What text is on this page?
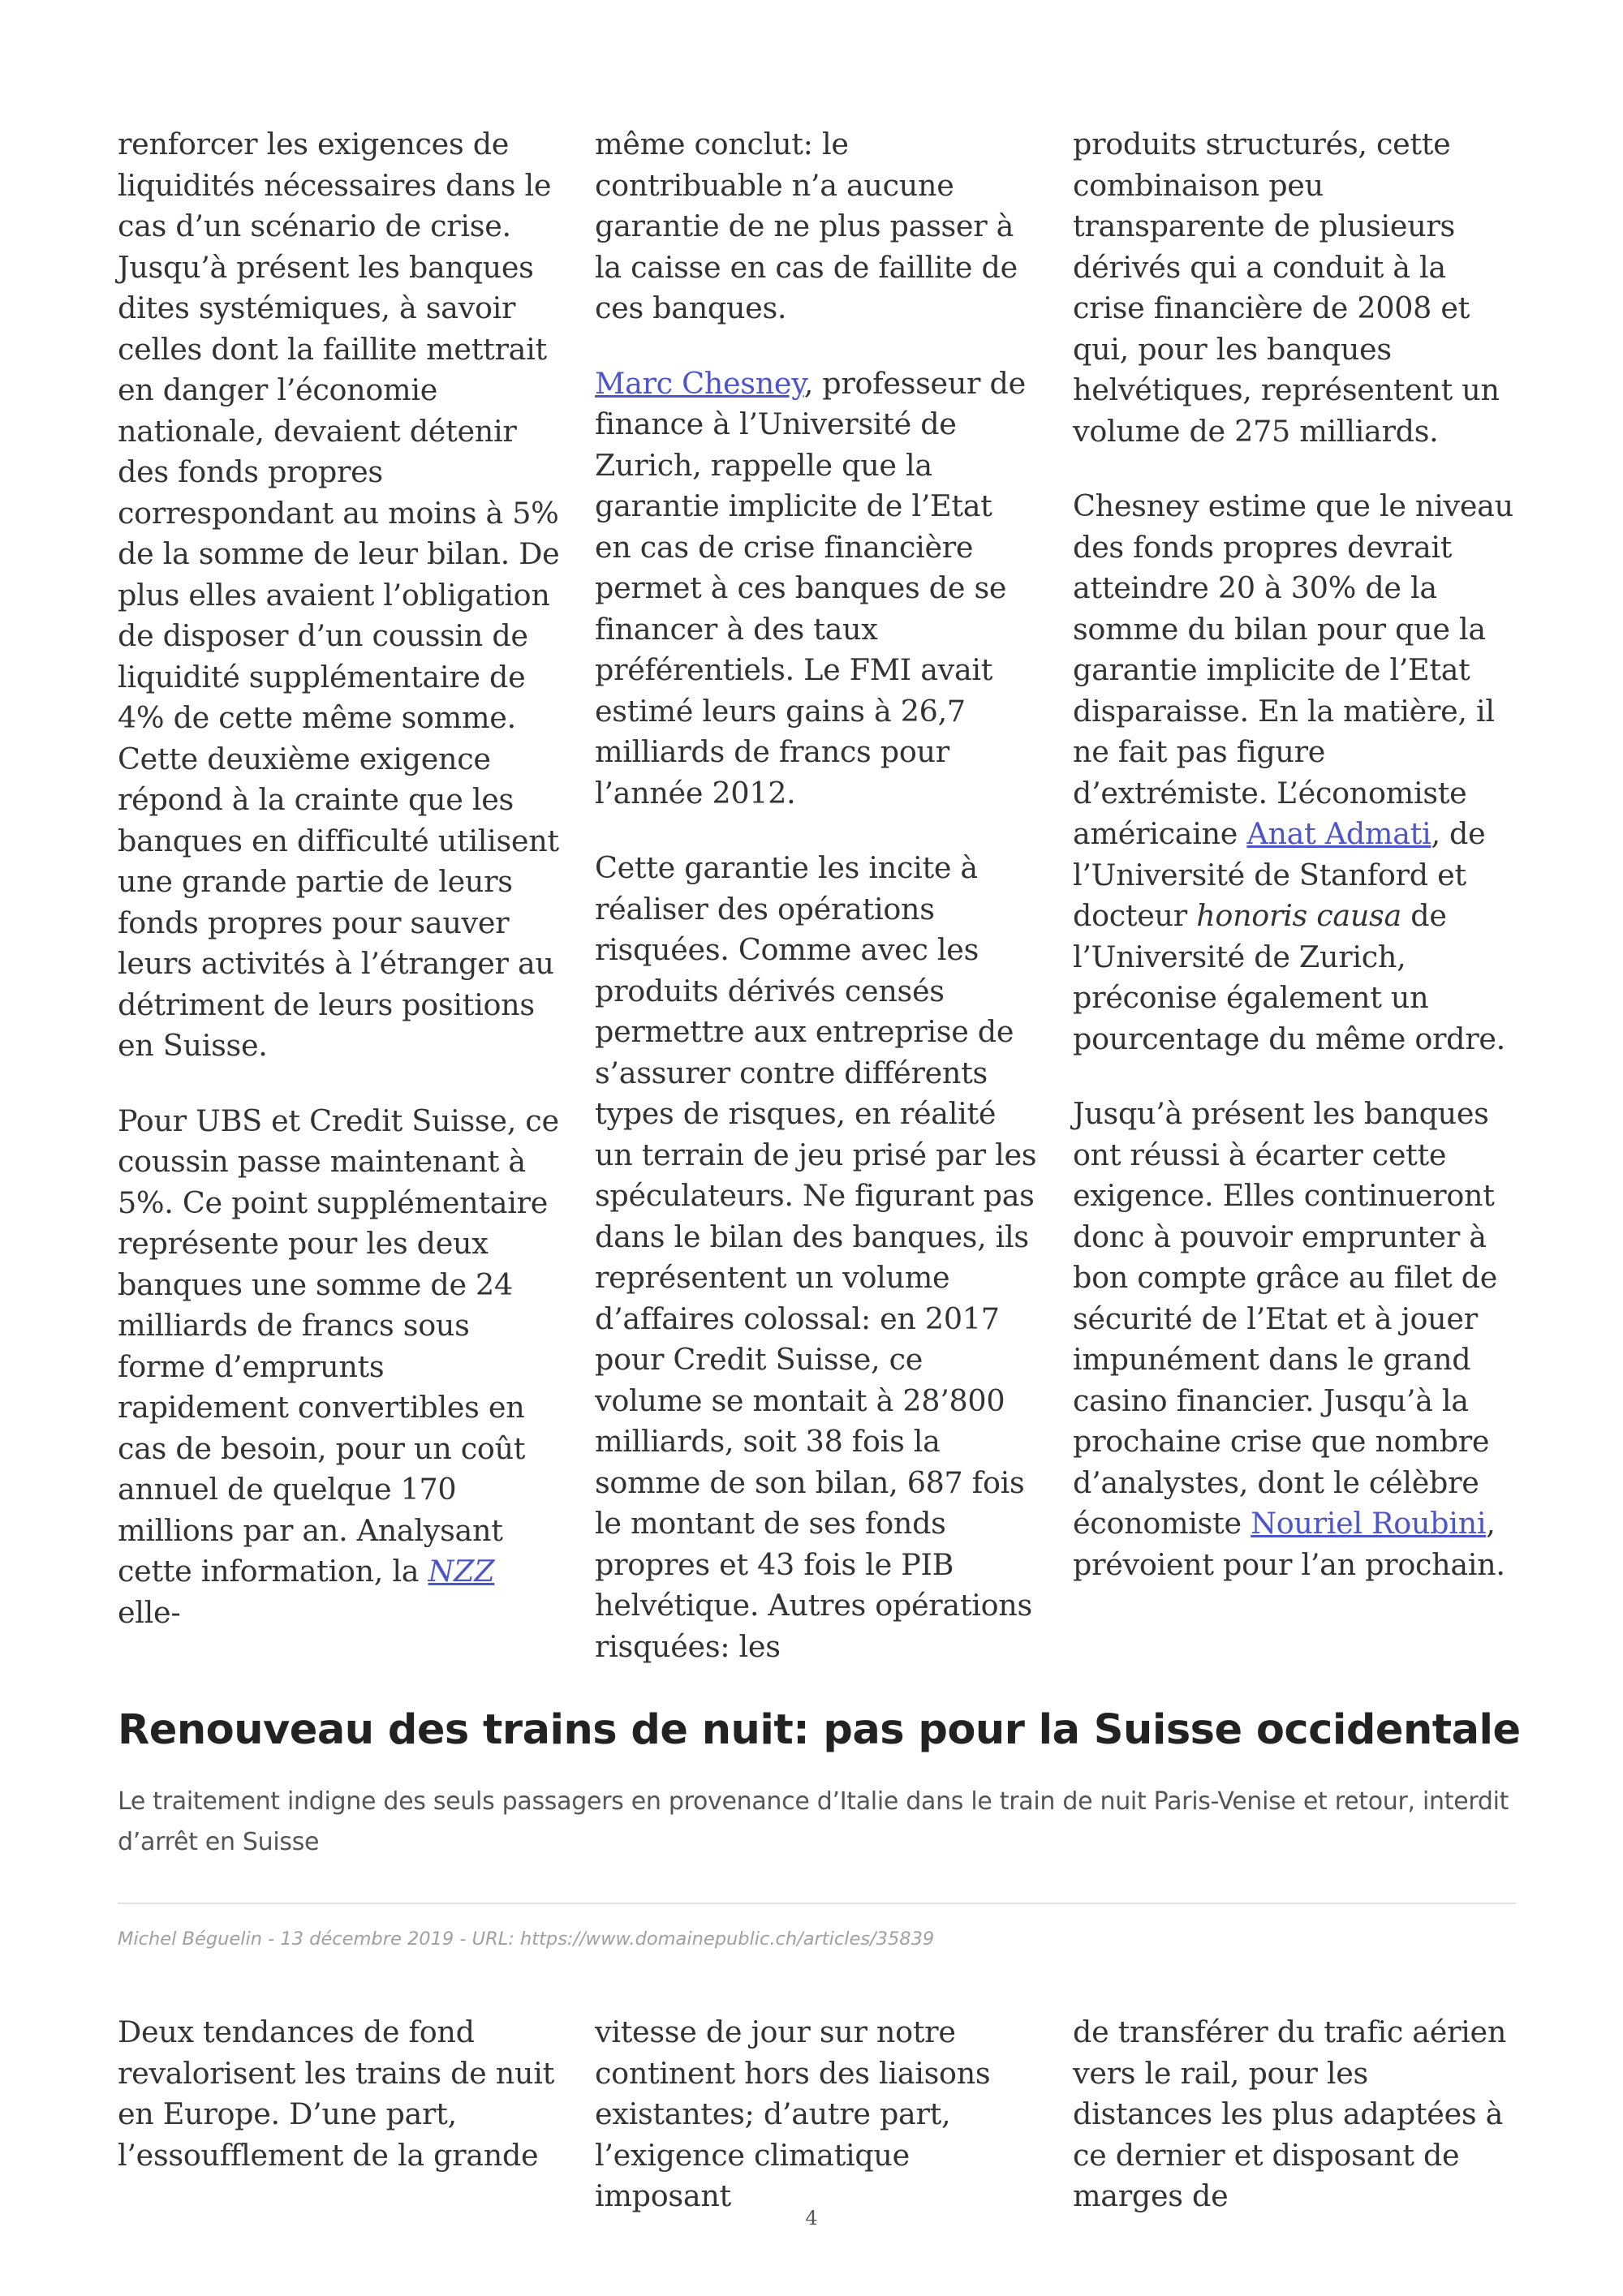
renforcer les exigences de liquidités nécessaires dans le cas d’un scénario de crise. Jusqu’à présent les banques dites systémiques, à savoir celles dont la faillite mettrait en danger l’économie nationale, devaient détenir des fonds propres correspondant au moins à 5% de la somme de leur bilan. De plus elles avaient l’obligation de disposer d’un coussin de liquidité supplémentaire de 4% de cette même somme. Cette deuxième exigence répond à la crainte que les banques en difficulté utilisent une grande partie de leurs fonds propres pour sauver leurs activités à l’étranger au détriment de leurs positions en Suisse.

Pour UBS et Credit Suisse, ce coussin passe maintenant à 5%. Ce point supplémentaire représente pour les deux banques une somme de 24 milliards de francs sous forme d’emprunts rapidement convertibles en cas de besoin, pour un coût annuel de quelque 170 millions par an. Analysant cette information, la NZZ elle-

même conclut: le contribuable n’a aucune garantie de ne plus passer à la caisse en cas de faillite de ces banques.

Marc Chesney, professeur de finance à l’Université de Zurich, rappelle que la garantie implicite de l’Etat en cas de crise financière permet à ces banques de se financer à des taux préférentiels. Le FMI avait estimé leurs gains à 26,7 milliards de francs pour l’année 2012.

Cette garantie les incite à réaliser des opérations risquées. Comme avec les produits dérivés censés permettre aux entreprise de s’assurer contre différents types de risques, en réalité un terrain de jeu prisé par les spéculateurs. Ne figurant pas dans le bilan des banques, ils représentent un volume d’affaires colossal: en 2017 pour Credit Suisse, ce volume se montait à 28’800 milliards, soit 38 fois la somme de son bilan, 687 fois le montant de ses fonds propres et 43 fois le PIB helvétique. Autres opérations risquées: les

produits structurés, cette combinaison peu transparente de plusieurs dérivés qui a conduit à la crise financière de 2008 et qui, pour les banques helvétiques, représentent un volume de 275 milliards.

Chesney estime que le niveau des fonds propres devrait atteindre 20 à 30% de la somme du bilan pour que la garantie implicite de l’Etat disparaisse. En la matière, il ne fait pas figure d’extrémiste. L’économiste américaine Anat Admati, de l’Université de Stanford et docteur honoris causa de l’Université de Zurich, préconise également un pourcentage du même ordre.

Jusqu’à présent les banques ont réussi à écarter cette exigence. Elles continueront donc à pouvoir emprunter à bon compte grâce au filet de sécurité de l’Etat et à jouer impunément dans le grand casino financier. Jusqu’à la prochaine crise que nombre d’analystes, dont le célèbre économiste Nouriel Roubini, prévoient pour l’an prochain.

Renouveau des trains de nuit: pas pour la Suisse occidentale
Le traitement indigne des seuls passagers en provenance d’Italie dans le train de nuit Paris-Venise et retour, interdit d’arrêt en Suisse
Michel Béguelin - 13 décembre 2019 - URL: https://www.domainepublic.ch/articles/35839

Deux tendances de fond revalorisent les trains de nuit en Europe. D’une part, l’essoufflement de la grande

vitesse de jour sur notre continent hors des liaisons existantes; d’autre part, l’exigence climatique imposant

de transférer du trafic aérien vers le rail, pour les distances les plus adaptées à ce dernier et disposant de marges de

4
